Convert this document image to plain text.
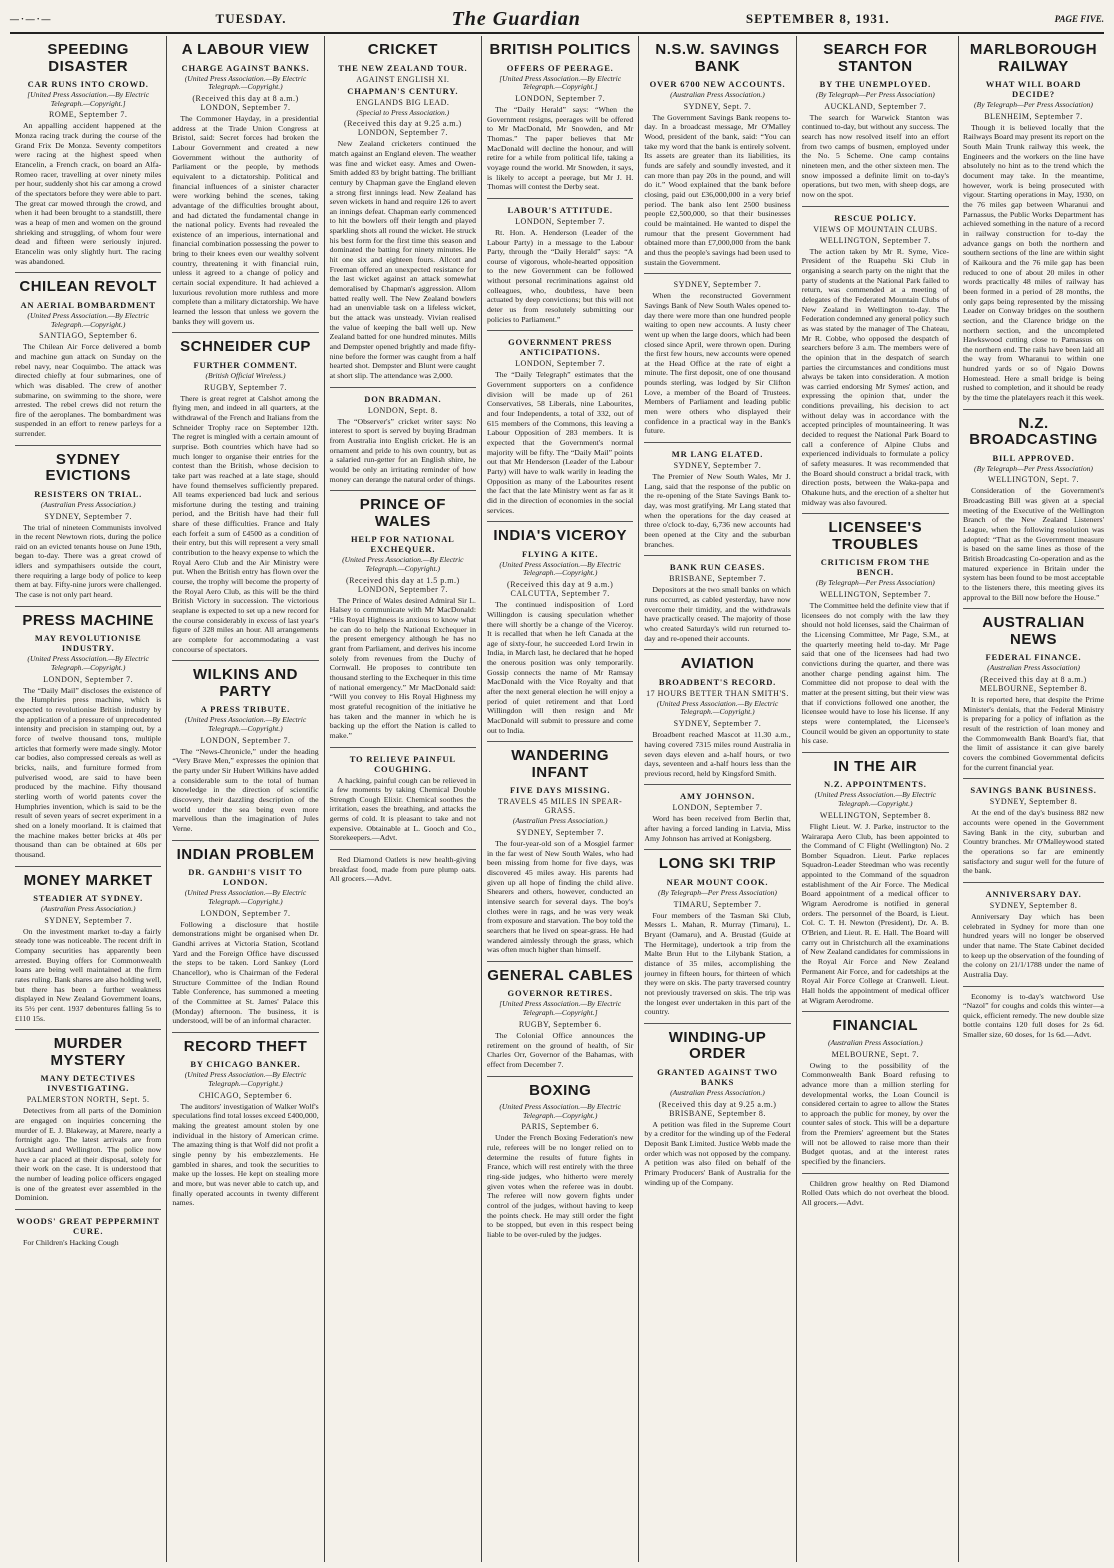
— · — · —	TUESDAY.	The Guardian	SEPTEMBER 8, 1931.	PAGE FIVE.
SPEEDING DISASTER
CAR RUNS INTO CROWD.
[United Press Association.—By Electric Telegraph.—Copyright.]
ROME, September 7.
An appalling accident happened at the Monza racing track during the course of the Grand Frix De Monza. Seventy competitors were racing at the highest speed when Etancelin, a French crack, on board an Alfa-Romeo racer, travelling at over ninety miles per hour, suddenly shot his car among a crowd of the spectators before they were able to part. The great car mowed through the crowd, and when it had been brought to a standstill, there was a heap of men and women on the ground shrieking and struggling, of whom four were dead and fifteen were seriously injured. Etancelin was only slightly hurt. The racing was abandoned.
CHILEAN REVOLT
AN AERIAL BOMBARDMENT
(United Press Association.—By Electric Telegraph.—Copyright.)
SANTIAGO, September 6.
The Chilean Air Force delivered a bomb and machine gun attack on Sunday on the rebel navy, near Coquimbo. The attack was directed chiefly at four submarines, one of which was disabled. The crew of another submarine, on swimming to the shore, were arrested. The rebel crews did not return the fire of the aeroplanes. The bombardment was suspended in an effort to renew parleys for a surrender.
SYDNEY EVICTIONS
RESISTERS ON TRIAL.
(Australian Press Association.)
SYDNEY, September 7.
The trial of nineteen Communists involved in the recent Newtown riots, during the police raid on an evicted tenants house on June 19th, began to-day. There was a great crowd of idlers and sympathisers outside the court, there requiring a large body of police to keep them at bay. Fifty-nine jurors were challenged. The case is not only part heard.
PRESS MACHINE
MAY REVOLUTIONISE INDUSTRY.
(United Press Association.—By Electric Telegraph.—Copyright.)
LONDON, September 7.
The “Daily Mail” discloses the existence of the Humphries press machine, which is expected to revolutionise British industry by the application of a pressure of unprecedented intensity and precision in stamping out, by a force of twelve thousand tons, multiple articles that formerly were made singly. Motor car bodies, also compressed cereals as well as bricks, nails, and furniture formed from pulverised wood, are said to have been produced by the machine. Fifty thousand sterling worth of world patents cover the Humphries invention, which is said to be the result of seven years of secret experiment in a shed on a lonely moorland. It is claimed that the machine makes better bricks at 40s per thousand than can be obtained at 60s per thousand.
MONEY MARKET
STEADIER AT SYDNEY.
(Australian Press Association.)
SYDNEY, September 7.
On the investment market to-day a fairly steady tone was noticeable. The recent drift in Company securities has apparently been arrested. Buying offers for Commonwealth loans are being well maintained at the firm rates ruling. Bank shares are also holding well, but there has been a further weakness displayed in New Zealand Government loans, its 5½ per cent. 1937 debentures falling 5s to £110 15s.
MURDER MYSTERY
MANY DETECTIVES INVESTIGATING.
PALMERSTON NORTH, Sept. 5.
Detectives from all parts of the Dominion are engaged on inquiries concerning the murder of E. J. Blakeway, at Marere, nearly a fortnight ago. The latest arrivals are from Auckland and Wellington. The police now have a car placed at their disposal, solely for their work on the case. It is understood that the number of leading police officers engaged is one of the greatest ever assembled in the Dominion.
WOODS' GREAT PEPPERMINT CURE.
For Children's Hacking Cough
A LABOUR VIEW
CHARGE AGAINST BANKS.
(United Press Association.—By Electric Telegraph.—Copyright.)
(Received this day at 8 a.m.) LONDON, September 7.
The Commoner Hayday, in a presidential address at the Trade Union Congress at Bristol, said: Secret forces had broken the Labour Government and created a new Government without the authority of Parliament or the people, by methods equivalent to a dictatorship. Political and financial influences of a sinister character were working behind the scenes, taking advantage of the difficulties brought about, and had dictated the fundamental change in the national policy. Events had revealed the existence of an imperious, international and financial combination possessing the power to bring to their knees even our wealthy solvent country, threatening it with financial ruin, unless it agreed to a change of policy and certain social expenditure. It had achieved a luxurious revolution more ruthless and more complete than a military dictatorship. We have learned the lesson that unless we govern the banks they will govern us.
SCHNEIDER CUP
FURTHER COMMENT.
(British Official Wireless.)
RUGBY, September 7.
There is great regret at Calshot among the flying men, and indeed in all quarters, at the withdrawal of the French and Italians from the Schneider Trophy race on September 12th. The regret is mingled with a certain amount of surprise. Both countries which have had so much longer to organise their entries for the contest than the British, whose decision to take part was reached at a late stage, should have found themselves sufficiently prepared. All teams experienced bad luck and serious misfortune during the testing and training period, and the British have had their full share of these difficulties. France and Italy each forfeit a sum of £4500 as a condition of their entry, but this will represent a very small contribution to the heavy expense to which the Royal Aero Club and the Air Ministry were put. When the British entry has flown over the course, the trophy will become the property of the Royal Aero Club, as this will be the third British Victory in succession. The victorious seaplane is expected to set up a new record for the course considerably in excess of last year's figure of 328 miles an hour. All arrangements are complete for accommodating a vast concourse of spectators.
WILKINS AND PARTY
A PRESS TRIBUTE.
(United Press Association.—By Electric Telegraph.—Copyright.)
LONDON, September 7.
The “News-Chronicle,” under the heading “Very Brave Men,” expresses the opinion that the party under Sir Hubert Wilkins have added a considerable sum to the total of human knowledge in the direction of scientific discovery, their dazzling description of the world under the sea being even more marvellous than the imagination of Jules Verne.
INDIAN PROBLEM
DR. GANDHI'S VISIT TO LONDON.
(United Press Association.—By Electric Telegraph.—Copyright.)
LONDON, September 7.
Following a disclosure that hostile demonstrations might be organised when Dr. Gandhi arrives at Victoria Station, Scotland Yard and the Foreign Office have discussed the steps to be taken. Lord Sankey (Lord Chancellor), who is Chairman of the Federal Structure Committee of the Indian Round Table Conference, has summoned a meeting of the Committee at St. James' Palace this (Monday) afternoon. The business, it is understood, will be of an informal character.
RECORD THEFT
BY CHICAGO BANKER.
(United Press Association.—By Electric Telegraph.—Copyright.)
CHICAGO, September 6.
The auditors' investigation of Walker Wolf's speculations find total losses exceed £400,000, making the greatest amount stolen by one individual in the history of American crime. The amazing thing is that Wolf did not profit a single penny by his embezzlements. He gambled in shares, and took the securities to make up the losses. He kept on stealing more and more, but was never able to catch up, and finally operated accounts in twenty different names.
CRICKET
THE NEW ZEALAND TOUR.
AGAINST ENGLISH XI.
CHAPMAN'S CENTURY.
ENGLANDS BIG LEAD.
(Special to Press Association.)
(Received this day at 9.25 a.m.) LONDON, September 7.
New Zealand cricketers continued the match against an England eleven. The weather was fine and wicket easy. Ames and Owen-Smith added 83 by bright batting. The brilliant century by Chapman gave the England eleven a strong first innings lead. New Zealand has seven wickets in hand and require 126 to avert an innings defeat. Chapman early commenced to hit the bowlers off their length and played sparkling shots all round the wicket. He struck his best form for the first time this season and dominated the batting for ninety minutes. He hit one six and eighteen fours. Allcott and Freeman offered an unexpected resistance for the last wicket against an attack somewhat demoralised by Chapman's aggression. Allom batted really well. The New Zealand bowlers had an unenviable task on a lifeless wicket, but the attack was unsteady. Vivian realised the value of keeping the ball well up. New Zealand batted for one hundred minutes. Mills and Dempster opened brightly and made fifty-nine before the former was caught from a half hearted shot. Dempster and Blunt were caught at short slip. The attendance was 2,000.
DON BRADMAN.
LONDON, Sept. 8.
The “Observer's” cricket writer says: No interest to sport is served by buying Bradman from Australia into English cricket. He is an ornament and pride to his own country, but as a salaried run-getter for an English shire, he would be only an irritating reminder of how money can derange the natural order of things.
PRINCE OF WALES
HELP FOR NATIONAL EXCHEQUER.
(United Press Association.—By Electric Telegraph.—Copyright.)
(Received this day at 1.5 p.m.) LONDON, September 7.
The Prince of Wales desired Admiral Sir L. Halsey to communicate with Mr MacDonald: “His Royal Highness is anxious to know what he can do to help the National Exchequer in the present emergency although he has no grant from Parliament, and derives his income solely from revenues from the Duchy of Cornwall. He proposes to contribute ten thousand sterling to the Exchequer in this time of national emergency.” Mr MacDonald said: “Will you convey to His Royal Highness my most grateful recognition of the initiative he has taken and the manner in which he is backing up the effort the Nation is called to make.”
TO RELIEVE PAINFUL COUGHING.
A hacking, painful cough can be relieved in a few moments by taking Chemical Double Strength Cough Elixir. Chemical soothes the irritation, eases the breathing, and attacks the germs of cold. It is pleasant to take and not expensive. Obtainable at L. Gooch and Co., Storekeepers.—Advt.
Red Diamond Oatlets is new health-giving breakfast food, made from pure plump oats. All grocers.—Advt.
BRITISH POLITICS
OFFERS OF PEERAGE.
[United Press Association.—By Electric Telegraph.—Copyright.]
LONDON, September 7.
The “Daily Herald” says: “When the Government resigns, peerages will be offered to Mr MacDonald, Mr Snowden, and Mr Thomas.” The paper believes that Mr MacDonald will decline the honour, and will retire for a while from political life, taking a voyage round the world. Mr Snowden, it says, is likely to accept a peerage, but Mr J. H. Thomas will contest the Derby seat.
LABOUR'S ATTITUDE.
LONDON, September 7.
Rt. Hon. A. Henderson (Leader of the Labour Party) in a message to the Labour Party, through the “Daily Herald” says: “A course of vigorous, whole-hearted opposition to the new Government can be followed without personal recriminations against old colleagues, who, doubtless, have been actuated by deep convictions; but this will not deter us from resolutely submitting our policies to Parliament.”
GOVERNMENT PRESS ANTICIPATIONS.
LONDON, September 7.
The “Daily Telegraph” estimates that the Government supporters on a confidence division will be made up of 261 Conservatives, 58 Liberals, nine Labourites, and four Independents, a total of 332, out of 615 members of the Commons, this leaving a Labour Opposition of 283 members. It is expected that the Government's normal majority will be fifty. The “Daily Mail” points out that Mr Henderson (Leader of the Labour Party) will have to walk warily in leading the Opposition as many of the Labourites resent the fact that the late Ministry went as far as it did in the direction of economies in the social services.
INDIA'S VICEROY
FLYING A KITE.
(United Press Association.—By Electric Telegraph.—Copyright.)
(Received this day at 9 a.m.) CALCUTTA, September 7.
The continued indisposition of Lord Willingdon is causing speculation whether there will shortly be a change of the Viceroy. It is recalled that when he left Canada at the age of sixty-four, he succeeded Lord Irwin in India, in March last, he declared that he hoped the onerous position was only temporarily. Gossip connects the name of Mr Ramsay MacDonald with the Vice Royalty and that after the next general election he will enjoy a period of quiet retirement and that Lord Willingdon will then resign and Mr MacDonald will submit to pressure and come out to India.
WANDERING INFANT
FIVE DAYS MISSING.
TRAVELS 45 MILES IN SPEAR-GRASS.
(Australian Press Association.)
SYDNEY, September 7.
The four-year-old son of a Mosgiel farmer in the far west of New South Wales, who had been missing from home for five days, was discovered 45 miles away. His parents had given up all hope of finding the child alive. Shearers and others, however, conducted an intensive search for several days. The boy's clothes were in rags, and he was very weak from exposure and starvation. The boy told the searchers that he lived on spear-grass. He had wandered aimlessly through the grass, which was often much higher than himself.
GENERAL CABLES
GOVERNOR RETIRES.
[United Press Association.—By Electric Telegraph.—Copyright.]
RUGBY, September 6.
The Colonial Office announces the retirement on the ground of health, of Sir Charles Orr, Governor of the Bahamas, with effect from December 7.
BOXING
(United Press Association.—By Electric Telegraph.—Copyright.)
PARIS, September 6.
Under the French Boxing Federation's new rule, referees will be no longer relied on to determine the results of future fights in France, which will rest entirely with the three ring-side judges, who hitherto were merely given votes when the referee was in doubt. The referee will now govern fights under control of the judges, without having to keep the points check. He may still order the fight to be stopped, but even in this respect being liable to be over-ruled by the judges.
N.S.W. SAVINGS BANK
OVER 6700 NEW ACCOUNTS.
(Australian Press Association.)
SYDNEY, Sept. 7.
The Government Savings Bank reopens to-day. In a broadcast message, Mr O'Malley Wood, president of the bank, said: “You can take my word that the bank is entirely solvent. Its assets are greater than its liabilities, its funds are safely and soundly invested, and it can more than pay 20s in the pound, and will do it.” Wood explained that the bank before closing, paid out £36,000,000 in a very brief period. The bank also lent 2500 business people £2,500,000, so that their businesses could be maintained. He wanted to dispel the rumour that the present Government had obtained more than £7,000,000 from the bank and thus the people's savings had been used to sustain the Government.
SYDNEY, September 7.
When the reconstructed Government Savings Bank of New South Wales opened to-day there were more than one hundred people waiting to open new accounts. A lusty cheer went up when the large doors, which had been closed since April, were thrown open. During the first few hours, new accounts were opened at the Head Office at the rate of eight a minute. The first deposit, one of one thousand pounds sterling, was lodged by Sir Clifton Love, a member of the Board of Trustees. Members of Parliament and leading public men were others who displayed their confidence in a practical way in the Bank's future.
MR LANG ELATED.
SYDNEY, September 7.
The Premier of New South Wales, Mr J. Lang, said that the response of the public on the re-opening of the State Savings Bank to-day, was most gratifying. Mr Lang stated that when the operations for the day ceased at three o'clock to-day, 6,736 new accounts had been opened at the City and the suburban branches.
BANK RUN CEASES.
BRISBANE, September 7.
Depositors at the two small banks on which runs occurred, as cabled yesterday, have now overcome their timidity, and the withdrawals have practically ceased. The majority of those who created Saturday's wild run returned to-day and re-opened their accounts.
AVIATION
BROADBENT'S RECORD.
17 HOURS BETTER THAN SMITH'S.
(United Press Association.—By Electric Telegraph.—Copyright.)
SYDNEY, September 7.
Broadbent reached Mascot at 11.30 a.m., having covered 7315 miles round Australia in seven days eleven and a-half hours, or two days, seventeen and a-half hours less than the previous record, held by Kingsford Smith.
AMY JOHNSON.
LONDON, September 7.
Word has been received from Berlin that, after having a forced landing in Latvia, Miss Amy Johnson has arrived at Konigsberg.
LONG SKI TRIP
NEAR MOUNT COOK.
(By Telegraph—Per Press Association)
TIMARU, September 7.
Four members of the Tasman Ski Club, Messrs L. Mahan, R. Murray (Timaru), L. Bryant (Oamaru), and A. Brustad (Guide at The Hermitage), undertook a trip from the Malte Brun Hut to the Lilybank Station, a distance of 35 miles, accomplishing the journey in fifteen hours, for thirteen of which they were on skis. The party traversed country not previously traversed on skis. The trip was the longest ever undertaken in this part of the country.
WINDING-UP ORDER
GRANTED AGAINST TWO BANKS
(Australian Press Association.)
(Received this day at 9.25 a.m.) BRISBANE, September 8.
A petition was filed in the Supreme Court by a creditor for the winding up of the Federal Deposit Bank Limited. Justice Webb made the order which was not opposed by the company. A petition was also filed on behalf of the Primary Producers' Bank of Australia for the winding up of the Company.
SEARCH FOR STANTON
BY THE UNEMPLOYED.
(By Telegraph—Per Press Association)
AUCKLAND, September 7.
The search for Warwick Stanton was continued to-day, but without any success. The search has now resolved itself into an effort from two camps of busmen, employed under the No. 5 Scheme. One camp contains nineteen men, and the other sixteen men. The snow impossed a definite limit on to-day's operations, but two men, with sheep dogs, are now on the spot.
RESCUE POLICY.
VIEWS OF MOUNTAIN CLUBS.
WELLINGTON, September 7.
The action taken by Mr R. Syme, Vice-President of the Ruapehu Ski Club in organising a search party on the night that the party of students at the National Park failed to return, was commended at a meeting of delegates of the Federated Mountain Clubs of New Zealand in Wellington to-day. The Federation condemned any general policy such as was stated by the manager of The Chateau, Mr R. Cobbe, who opposed the despatch of searchers before 3 a.m. The members were of the opinion that in the despatch of search parties the circumstances and conditions must always be taken into consideration. A motion was carried endorsing Mr Symes' action, and expressing the opinion that, under the conditions prevailing, his decision to act without delay was in accordance with the accepted principles of mountaineering. It was decided to request the National Park Board to call a conference of Alpine Clubs and experienced individuals to formulate a policy of safety measures. It was recommended that the Board should construct a bridal track, with direction posts, between the Waka-papa and Ohakune huts, and the erection of a shelter hut midway was also favoured.
LICENSEE'S TROUBLES
CRITICISM FROM THE BENCH.
(By Telegraph—Per Press Association)
WELLINGTON, September 7.
The Committee held the definite view that if licensees do not comply with the law they should not hold licenses, said the Chairman of the Licensing Committee, Mr Page, S.M., at the quarterly meeting held to-day. Mr Page said that one of the licensees had had two convictions during the quarter, and there was another charge pending against him. The Committee did not propose to deal with the matter at the present sitting, but their view was that if convictions followed one another, the licensee would have to lose his license. If any steps were contemplated, the Licensee's Council would be given an opportunity to state his case.
IN THE AIR
N.Z. APPOINTMENTS.
(United Press Association.—By Electric Telegraph.—Copyright.)
WELLINGTON, September 8.
Flight Lieut. W. J. Parke, instructor to the Wairarapa Aero Club, has been appointed to the Command of C Flight (Wellington) No. 2 Bomber Squadron. Lieut. Parke replaces Squadron-Leader Steedman who was recently appointed to the Command of the squadron establishment of the Air Force. The Medical Board appointment of a medical officer to Wigram Aerodrome is notified in general orders. The personnel of the Board, is Lieut. Col. C. T. H. Newton (President), Dr. A. B. O'Brien, and Lieut. R. E. Hall. The Board will carry out in Christchurch all the examinations of New Zealand candidates for commissions in the Royal Air Force and New Zealand Permanent Air Force, and for cadetships at the Royal Air Force College at Cranwell. Lieut. Hall holds the appointment of medical officer at Wigram Aerodrome.
FINANCIAL
(Australian Press Association.)
MELBOURNE, Sept. 7.
Owing to the possibility of the Commonwealth Bank Board refusing to advance more than a million sterling for developmental works, the Loan Council is considered certain to agree to allow the States to approach the public for money, by over the counter sales of stock. This will be a departure from the Premiers' agreement but the States will not be allowed to raise more than their Budget quotas, and at the interest rates specified by the financiers.
Children grow healthy on Red Diamond Rolled Oats which do not overheat the blood. All grocers.—Advt.
MARLBOROUGH RAILWAY
WHAT WILL BOARD DECIDE?
(By Telegraph—Per Press Association)
BLENHEIM, September 7.
Though it is believed locally that the Railways Board may present its report on the South Main Trunk railway this week, the Engineers and the workers on the line have absolutely no hint as to the trend which the document may take. In the meantime, however, work is being prosecuted with vigour. Starting operations in May, 1930, on the 76 miles gap between Wharanui and Parnassus, the Public Works Department has achieved something in the nature of a record in railway construction for to-day the advance gangs on both the northern and southern sections of the line are within sight of Kaikoura and the 76 mile gap has been reduced to one of about 20 miles in other words practically 48 miles of railway has been formed in a period of 28 months, the only gaps being represented by the missing Leader on Conway bridges on the southern section, and the Clarence bridge on the northern section, and the uncompleted Hawkswood cutting close to Parnassus on the northern end. The rails have been laid all the way from Wharanui to within one hundred yards or so of Ngaio Downs Homestead. Here a small bridge is being rushed to completion, and it should be ready by the time the platelayers reach it this week.
N.Z. BROADCASTING
BILL APPROVED.
(By Telegraph—Per Press Association)
WELLINGTON, Sept. 7.
Consideration of the Government's Broadcasting Bill was given at a special meeting of the Executive of the Wellington Branch of the New Zealand Listeners' League, when the following resolution was adopted: “That as the Government measure is based on the same lines as those of the British Broadcasting Co-operation and as the matured experience in Britain under the system has been found to be most acceptable to the listeners there, this meeting gives its approval to the Bill now before the House.”
AUSTRALIAN NEWS
FEDERAL FINANCE.
(Australian Press Association)
(Received this day at 8 a.m.) MELBOURNE, September 8.
It is reported here, that despite the Prime Minister's denials, that the Federal Ministry is preparing for a policy of inflation as the result of the restriction of loan money and the Commonwealth Bank Board's fiat, that the limit of assistance it can give barely covers the combined Governmental deficits for the current financial year.
SAVINGS BANK BUSINESS.
SYDNEY, September 8.
At the end of the day's business 882 new accounts were opened in the Government Saving Bank in the city, suburban and Country branches. Mr O'Malleywood stated the operations so far are eminently satisfactory and sugur well for the future of the bank.
ANNIVERSARY DAY.
SYDNEY, September 8.
Anniversary Day which has been celebrated in Sydney for more than one hundred years will no longer be observed under that name. The State Cabinet decided to keep up the observation of the founding of the colony on 21/1/1788 under the name of Australia Day.
Economy is to-day's watchword Use “Nazol” for coughs and colds this winter—a quick, efficient remedy. The new double size bottle contains 120 full doses for 2s 6d. Smaller size, 60 doses, for 1s 6d.—Advt.
